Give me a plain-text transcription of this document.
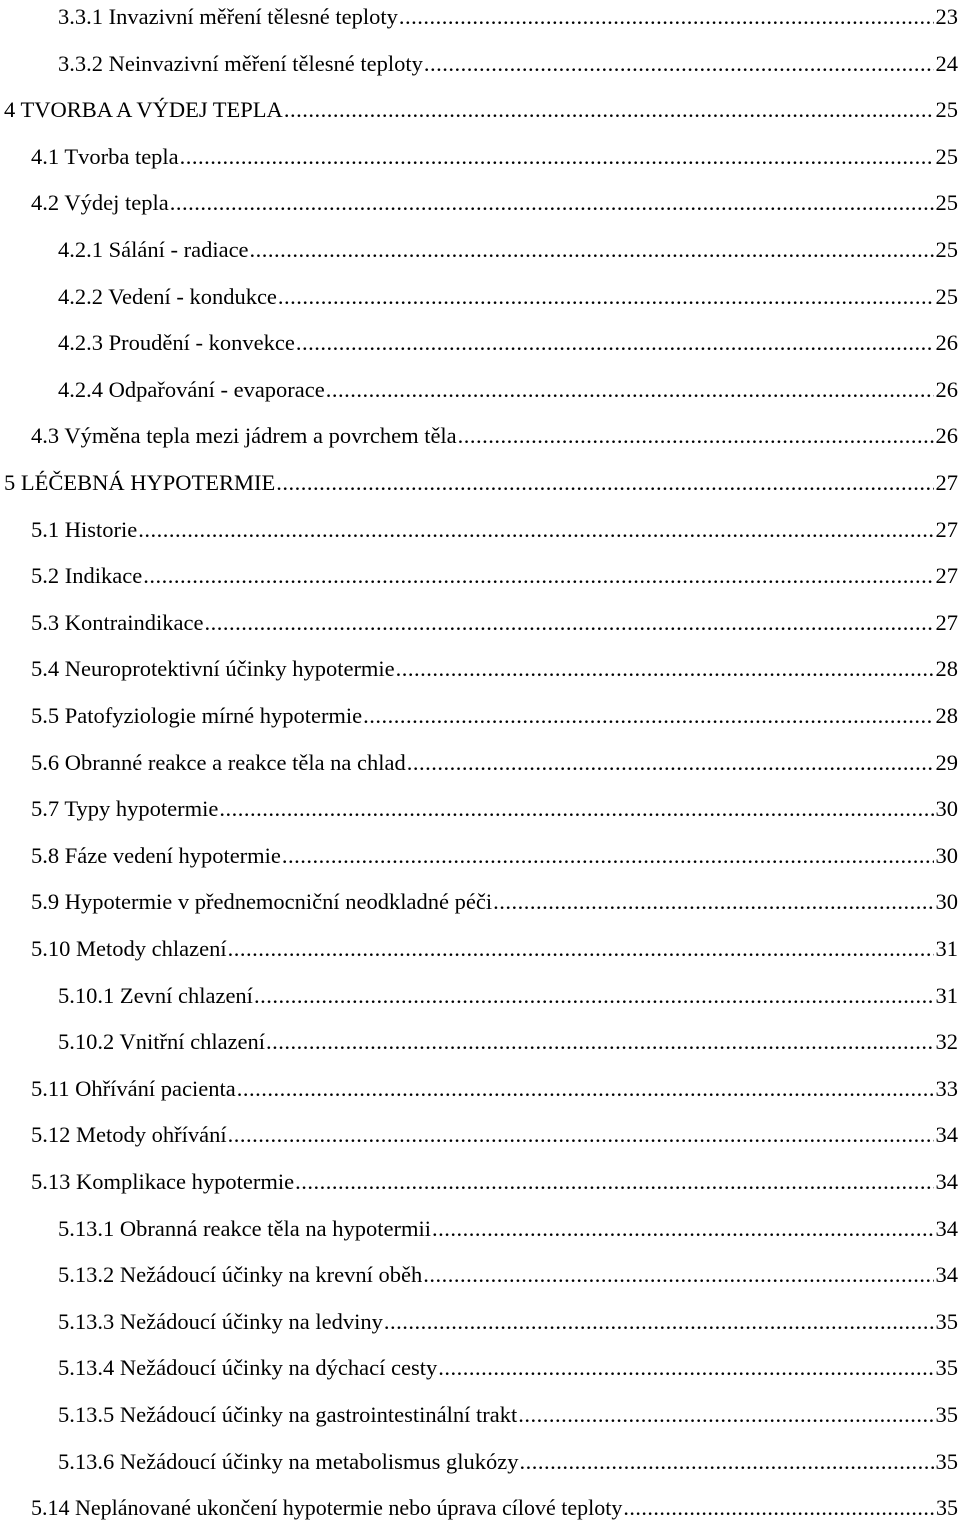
3.3.1 Invazivní měření tělesné teploty .....	23
3.3.2 Neinvazivní měření tělesné teploty .....	24
4 TVORBA A VÝDEJ TEPLA .....	25
4.1 Tvorba tepla .....	25
4.2 Výdej tepla .....	25
4.2.1 Sálání - radiace .....	25
4.2.2 Vedení - kondukce .....	25
4.2.3 Proudění - konvekce .....	26
4.2.4 Odpařování - evaporace .....	26
4.3 Výměna tepla mezi jádrem a povrchem těla .....	26
5 LÉČEBNÁ HYPOTERMIE .....	27
5.1 Historie .....	27
5.2 Indikace .....	27
5.3 Kontraindikace .....	27
5.4 Neuroprotektivní účinky hypotermie .....	28
5.5 Patofyziologie mírné hypotermie .....	28
5.6 Obranné reakce a reakce těla na chlad .....	29
5.7 Typy hypotermie .....	30
5.8 Fáze vedení hypotermie .....	30
5.9 Hypotermie v přednemocniční neodkladné péči .....	30
5.10 Metody chlazení .....	31
5.10.1 Zevní chlazení .....	31
5.10.2 Vnitřní chlazení .....	32
5.11 Ohřívání pacienta .....	33
5.12 Metody ohřívání .....	34
5.13 Komplikace hypotermie .....	34
5.13.1 Obranná reakce těla na hypotermii .....	34
5.13.2 Nežádoucí účinky na krevní oběh .....	34
5.13.3 Nežádoucí účinky na ledviny .....	35
5.13.4 Nežádoucí účinky na dýchací cesty .....	35
5.13.5 Nežádoucí účinky na gastrointestinální trakt .....	35
5.13.6 Nežádoucí účinky na metabolismus glukózy .....	35
5.14 Neplánované ukončení hypotermie nebo úprava cílové teploty .....	35
